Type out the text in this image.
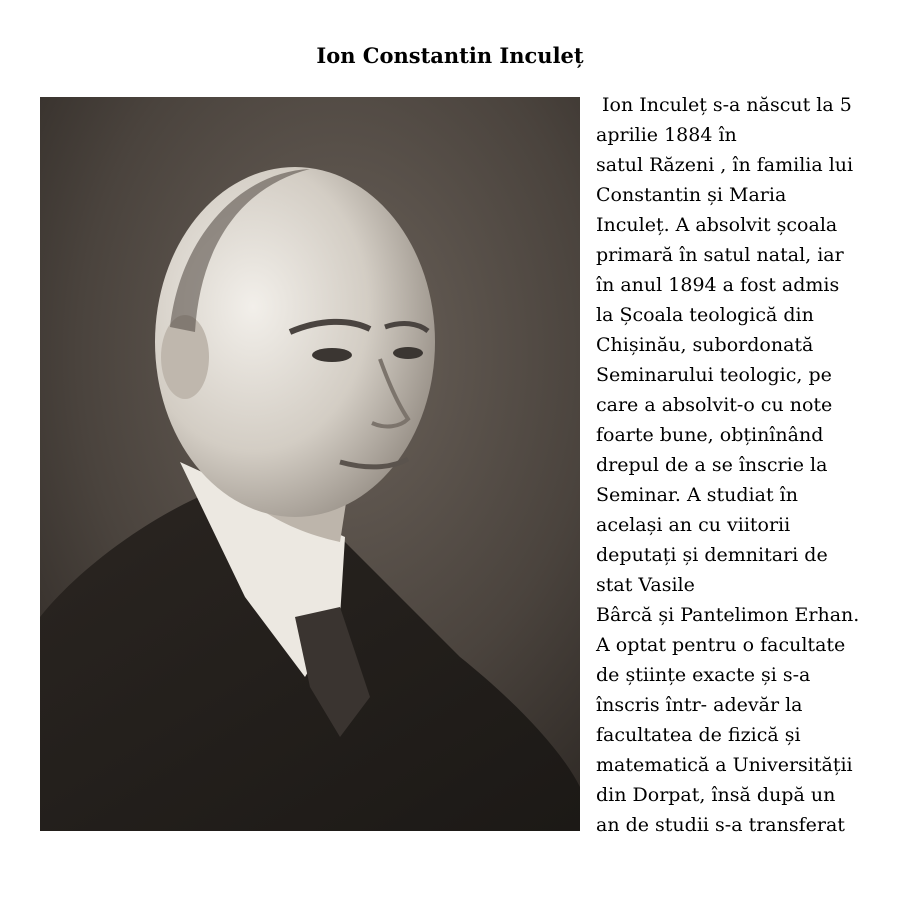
Ion Constantin Inculeț
Ion Inculeț s-a născut la 5
aprilie 1884 în
satul Răzeni , în familia lui
Constantin și Maria
Inculeț. A absolvit școala
primară în satul natal, iar
în anul 1894 a fost admis
la Școala teologică din
Chișinău, subordonată
Seminarului teologic, pe
care a absolvit-o cu note
foarte bune, obținînând
drepul de a se înscrie la
Seminar. A studiat în
același an cu viitorii
deputați și demnitari de
stat Vasile
Bârcă și Pantelimon Erhan.
A optat pentru o facultate
de științe exacte și s-a
înscris într- adevăr la
facultatea de fizică și
matematică a Universității
din Dorpat, însă după un
an de studii s-a transferat
